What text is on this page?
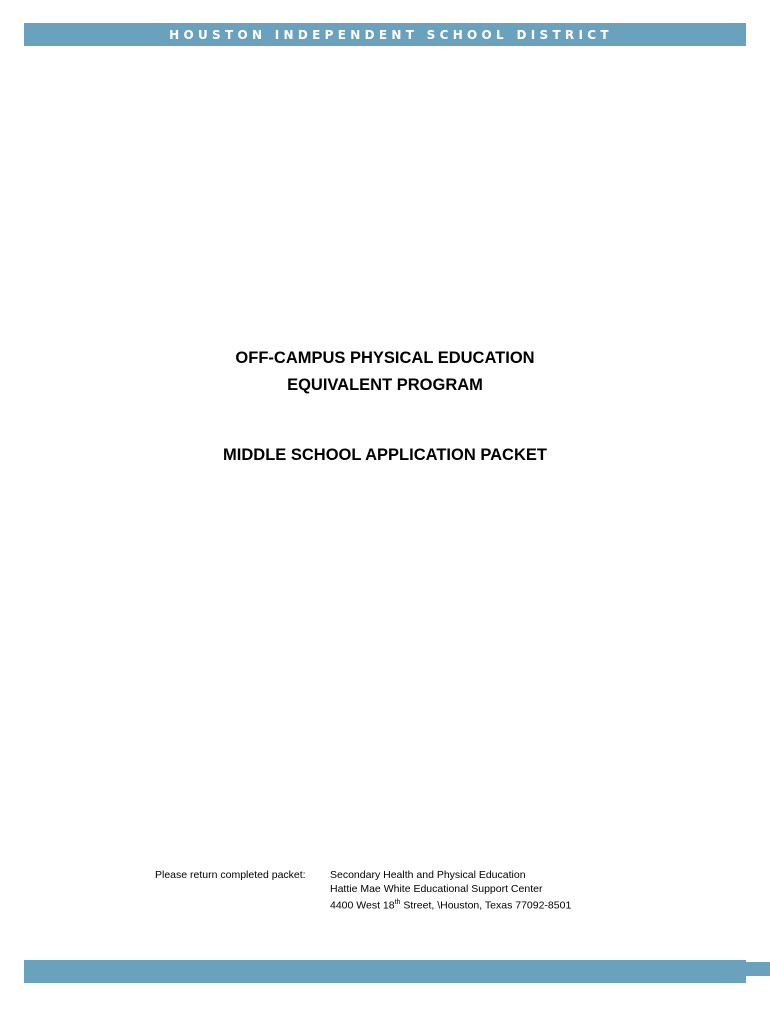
HOUSTON INDEPENDENT SCHOOL DISTRICT
OFF-CAMPUS PHYSICAL EDUCATION
EQUIVALENT PROGRAM
MIDDLE SCHOOL APPLICATION PACKET
Please return completed packet:	Secondary Health and Physical Education
Hattie Mae White Educational Support Center
4400 West 18th Street, \Houston, Texas 77092-8501
